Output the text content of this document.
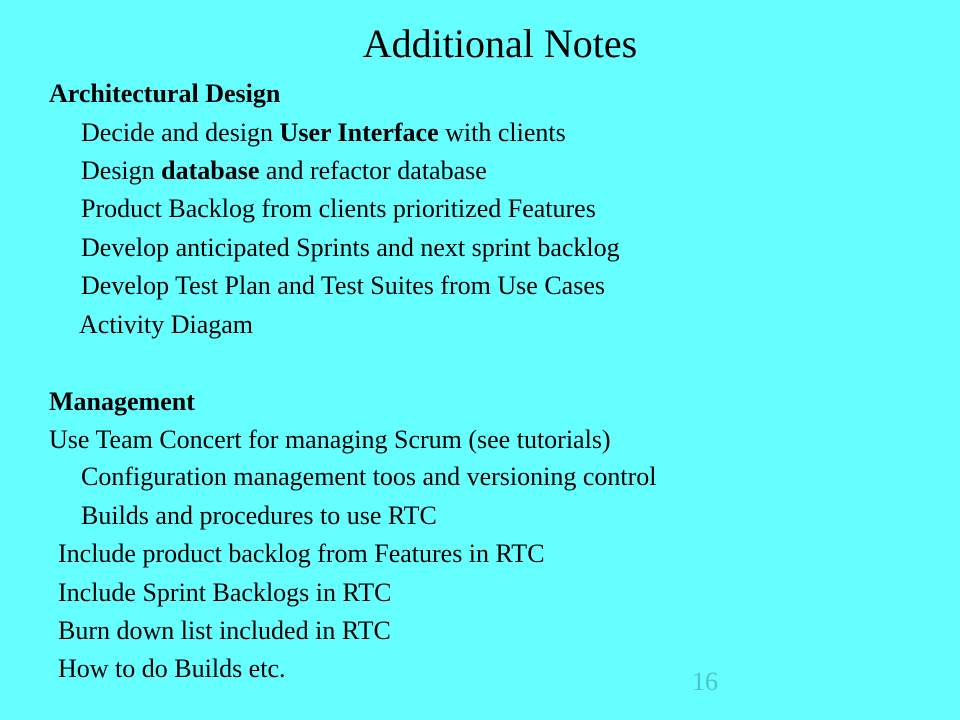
Additional Notes
Architectural Design
Decide and design User Interface with clients
Design database and refactor database
Product Backlog from clients prioritized Features
Develop anticipated Sprints and next sprint backlog
Develop Test Plan and Test Suites from Use Cases
Activity Diagam
Management
Use Team Concert for managing Scrum (see tutorials)
Configuration management toos and versioning control
Builds and procedures to use RTC
Include product backlog from Features in RTC
Include Sprint Backlogs in RTC
Burn down list included in RTC
How to do Builds etc.	16
